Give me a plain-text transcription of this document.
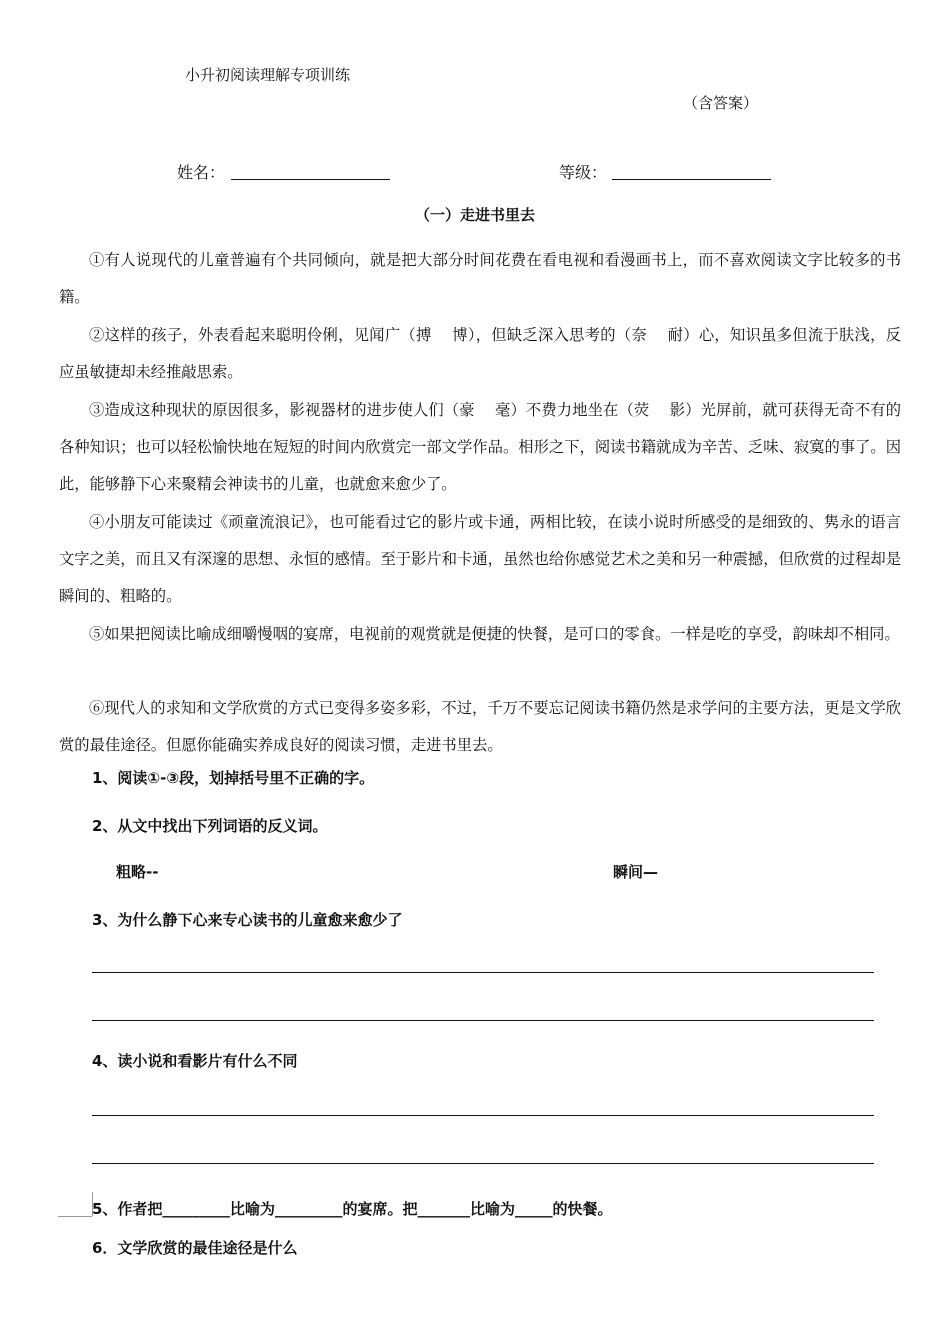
小升初阅读理解专项训练
（含答案）
姓名：	等级：
（一）走进书里去
①有人说现代的儿童普遍有个共同倾向，就是把大部分时间花费在看电视和看漫画书上，而不喜欢阅读文字比较多的书籍。
②这样的孩子，外表看起来聪明伶俐，见闻广（搏　 博），但缺乏深入思考的（奈　 耐）心，知识虽多但流于肤浅，反应虽敏捷却未经推敲思索。
③造成这种现状的原因很多，影视器材的进步使人们（豪　 毫）不费力地坐在（荧　 影）光屏前，就可获得无奇不有的各种知识；也可以轻松愉快地在短短的时间内欣赏完一部文学作品。相形之下，阅读书籍就成为辛苦、乏味、寂寞的事了。因此，能够静下心来聚精会神读书的儿童，也就愈来愈少了。
④小朋友可能读过《顽童流浪记》，也可能看过它的影片或卡通，两相比较，在读小说时所感受的是细致的、隽永的语言文字之美，而且又有深邃的思想、永恒的感情。至于影片和卡通，虽然也给你感觉艺术之美和另一种震撼，但欣赏的过程却是瞬间的、粗略的。
⑤如果把阅读比喻成细嚼慢咽的宴席，电视前的观赏就是便捷的快餐，是可口的零食。一样是吃的享受，韵味却不相同。
⑥现代人的求知和文学欣赏的方式已变得多姿多彩，不过，千万不要忘记阅读书籍仍然是求学问的主要方法，更是文学欣赏的最佳途径。但愿你能确实养成良好的阅读习惯，走进书里去。
1、阅读①-③段，划掉括号里不正确的字。
2、从文中找出下列词语的反义词。
粗略--	瞬间—
3、为什么静下心来专心读书的儿童愈来愈少了
4、读小说和看影片有什么不同
5、作者把_________比喻为_________的宴席。把_______比喻为_____的快餐。
6．文学欣赏的最佳途径是什么
